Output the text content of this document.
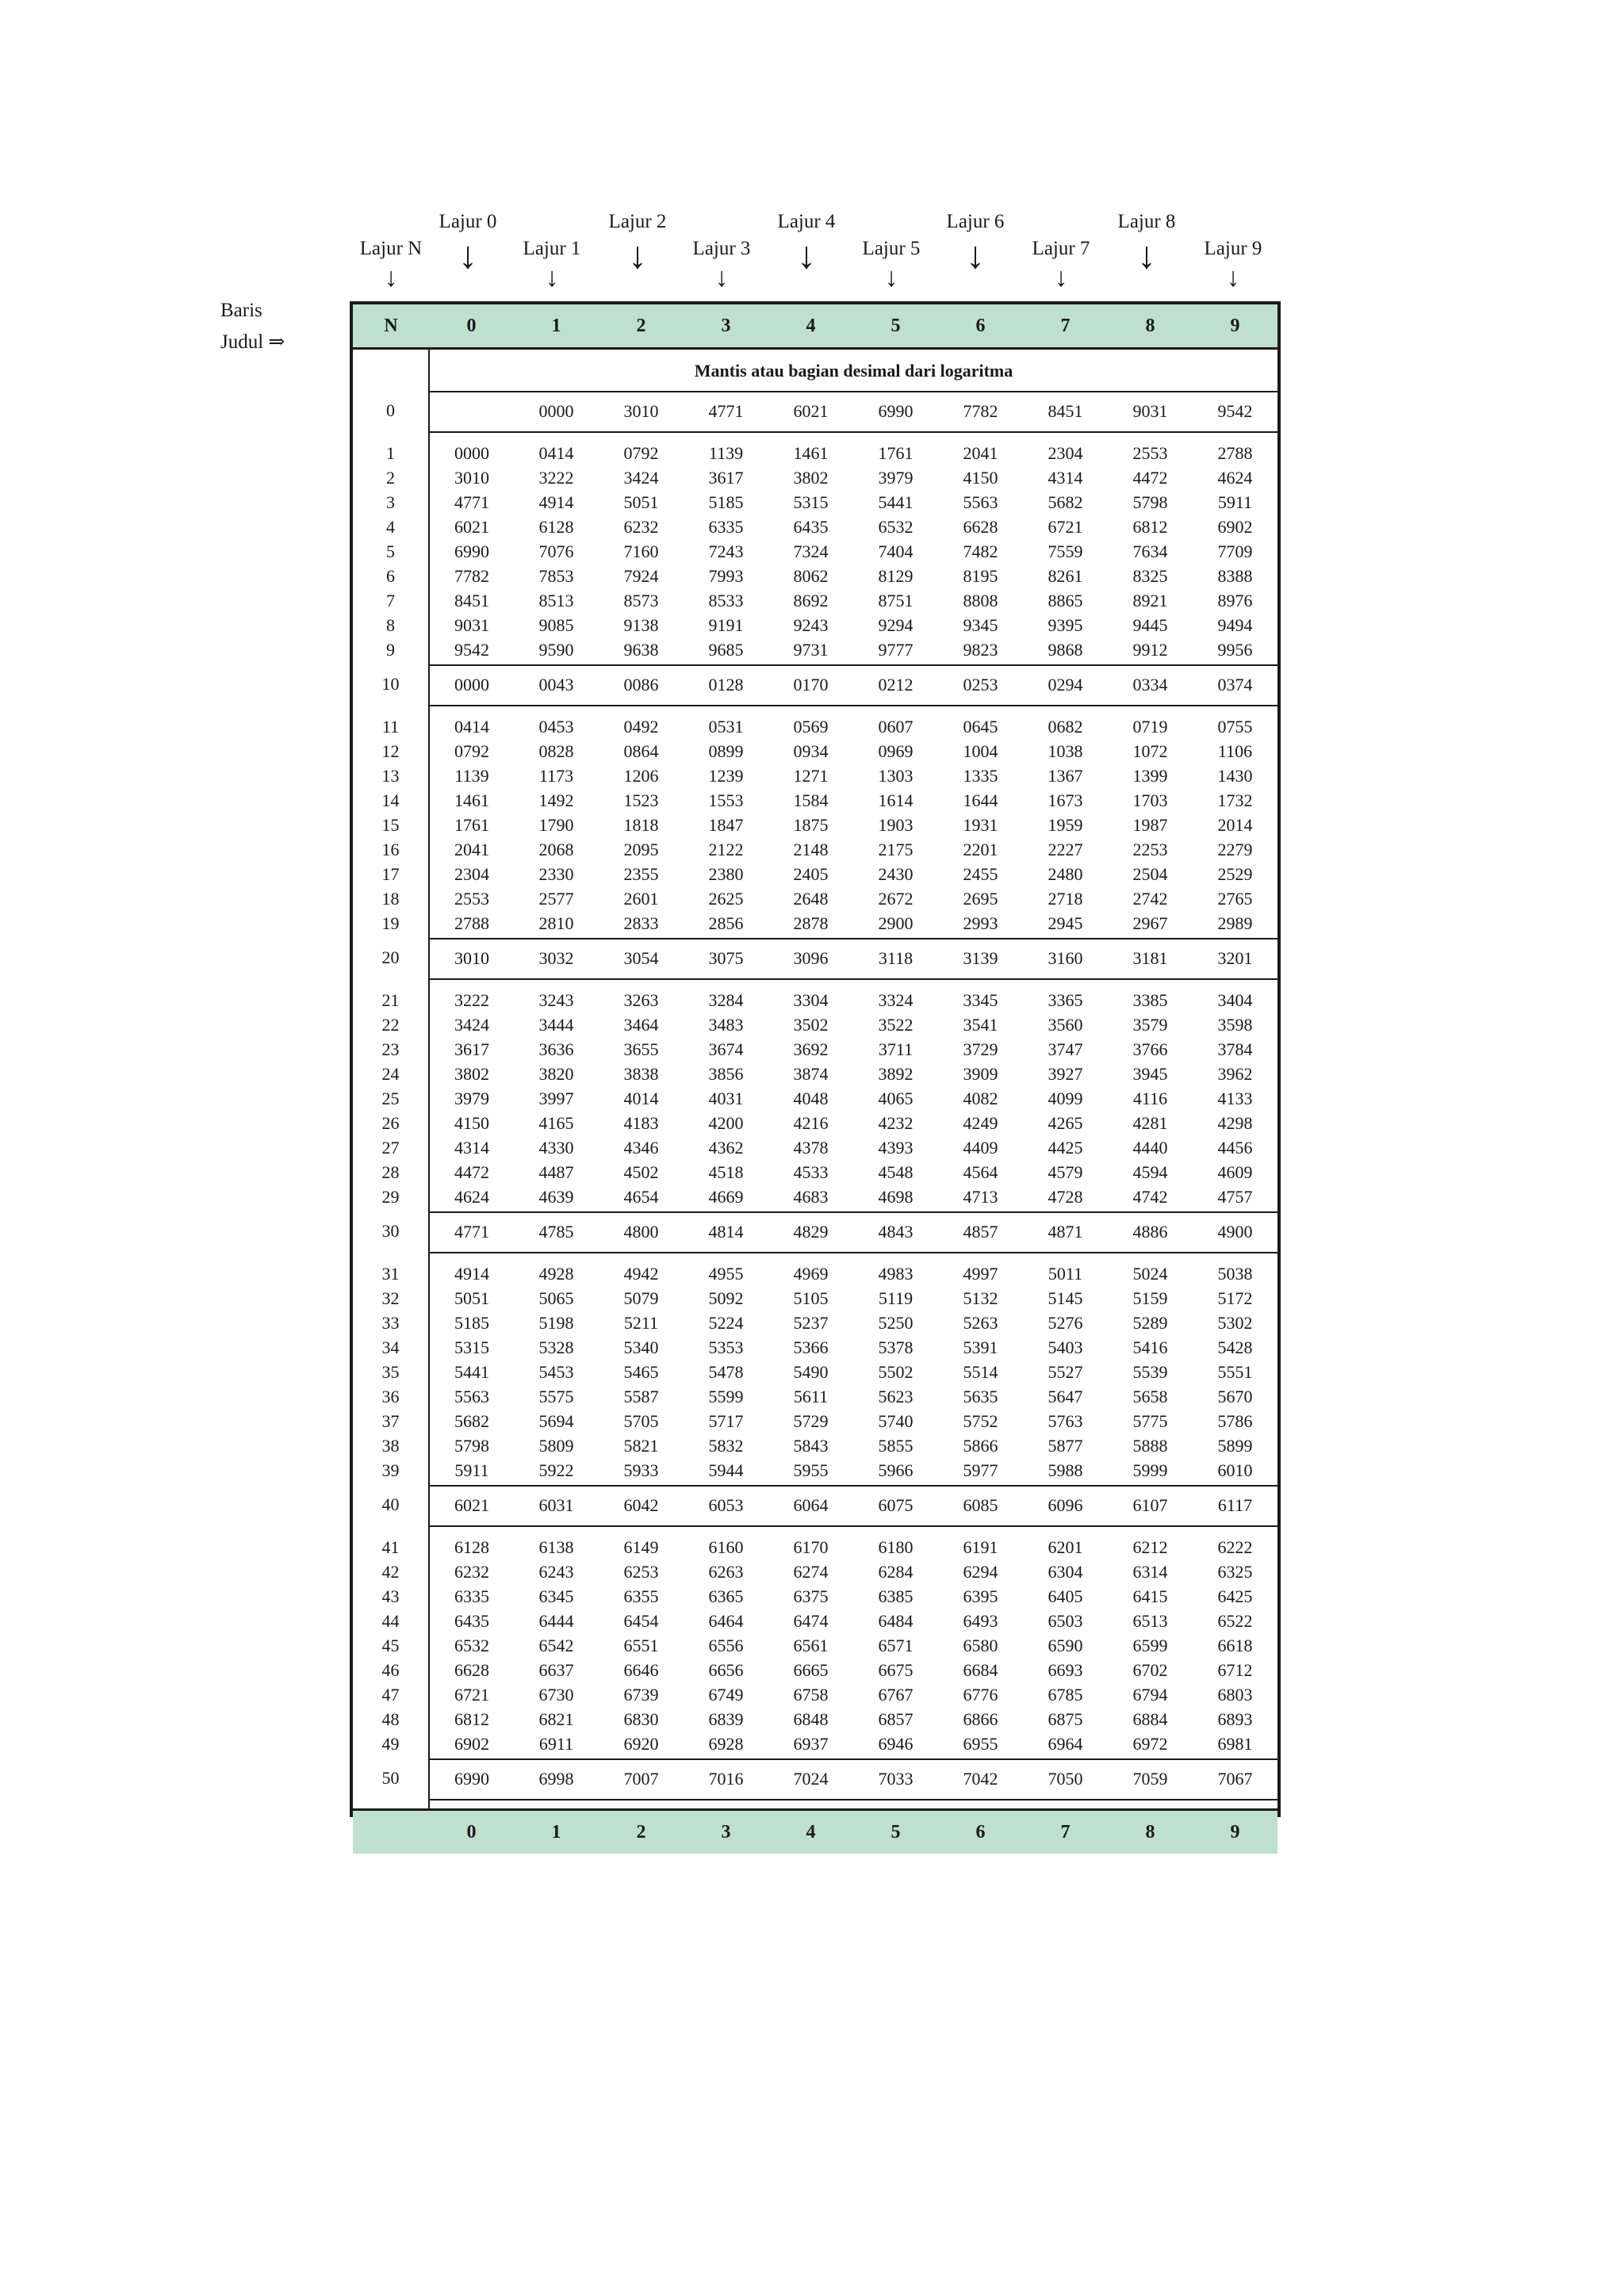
Lajur N
↓
Lajur 0
↓	Lajur 1
↓
Lajur 2
↓	Lajur 3
↓
Lajur 4
↓	Lajur 5
↓
Lajur 6
↓	Lajur 7
↓
Lajur 8
↓	Lajur 9
↓
Baris
Judul ⇒
N	0	1	2	3	4	5	6	7	8	9
	Mantis atau bagian desimal dari logaritma									
0		0000	3010	4771	6021	6990	7782	8451	9031	9542

1	0000	0414	0792	1139	1461	1761	2041	2304	2553	2788
2	3010	3222	3424	3617	3802	3979	4150	4314	4472	4624
3	4771	4914	5051	5185	5315	5441	5563	5682	5798	5911
4	6021	6128	6232	6335	6435	6532	6628	6721	6812	6902
5	6990	7076	7160	7243	7324	7404	7482	7559	7634	7709
6	7782	7853	7924	7993	8062	8129	8195	8261	8325	8388
7	8451	8513	8573	8533	8692	8751	8808	8865	8921	8976
8	9031	9085	9138	9191	9243	9294	9345	9395	9445	9494
9	9542	9590	9638	9685	9731	9777	9823	9868	9912	9956

10	0000	0043	0086	0128	0170	0212	0253	0294	0334	0374

11	0414	0453	0492	0531	0569	0607	0645	0682	0719	0755
12	0792	0828	0864	0899	0934	0969	1004	1038	1072	1106
13	1139	1173	1206	1239	1271	1303	1335	1367	1399	1430
14	1461	1492	1523	1553	1584	1614	1644	1673	1703	1732
15	1761	1790	1818	1847	1875	1903	1931	1959	1987	2014
16	2041	2068	2095	2122	2148	2175	2201	2227	2253	2279
17	2304	2330	2355	2380	2405	2430	2455	2480	2504	2529
18	2553	2577	2601	2625	2648	2672	2695	2718	2742	2765
19	2788	2810	2833	2856	2878	2900	2993	2945	2967	2989

20	3010	3032	3054	3075	3096	3118	3139	3160	3181	3201

21	3222	3243	3263	3284	3304	3324	3345	3365	3385	3404
22	3424	3444	3464	3483	3502	3522	3541	3560	3579	3598
23	3617	3636	3655	3674	3692	3711	3729	3747	3766	3784
24	3802	3820	3838	3856	3874	3892	3909	3927	3945	3962
25	3979	3997	4014	4031	4048	4065	4082	4099	4116	4133
26	4150	4165	4183	4200	4216	4232	4249	4265	4281	4298
27	4314	4330	4346	4362	4378	4393	4409	4425	4440	4456
28	4472	4487	4502	4518	4533	4548	4564	4579	4594	4609
29	4624	4639	4654	4669	4683	4698	4713	4728	4742	4757

30	4771	4785	4800	4814	4829	4843	4857	4871	4886	4900

31	4914	4928	4942	4955	4969	4983	4997	5011	5024	5038
32	5051	5065	5079	5092	5105	5119	5132	5145	5159	5172
33	5185	5198	5211	5224	5237	5250	5263	5276	5289	5302
34	5315	5328	5340	5353	5366	5378	5391	5403	5416	5428
35	5441	5453	5465	5478	5490	5502	5514	5527	5539	5551
36	5563	5575	5587	5599	5611	5623	5635	5647	5658	5670
37	5682	5694	5705	5717	5729	5740	5752	5763	5775	5786
38	5798	5809	5821	5832	5843	5855	5866	5877	5888	5899
39	5911	5922	5933	5944	5955	5966	5977	5988	5999	6010

40	6021	6031	6042	6053	6064	6075	6085	6096	6107	6117

41	6128	6138	6149	6160	6170	6180	6191	6201	6212	6222
42	6232	6243	6253	6263	6274	6284	6294	6304	6314	6325
43	6335	6345	6355	6365	6375	6385	6395	6405	6415	6425
44	6435	6444	6454	6464	6474	6484	6493	6503	6513	6522
45	6532	6542	6551	6556	6561	6571	6580	6590	6599	6618
46	6628	6637	6646	6656	6665	6675	6684	6693	6702	6712
47	6721	6730	6739	6749	6758	6767	6776	6785	6794	6803
48	6812	6821	6830	6839	6848	6857	6866	6875	6884	6893
49	6902	6911	6920	6928	6937	6946	6955	6964	6972	6981

50	6990	6998	7007	7016	7024	7033	7042	7050	7059	7067

	0	1	2	3	4	5	6	7	8	9
